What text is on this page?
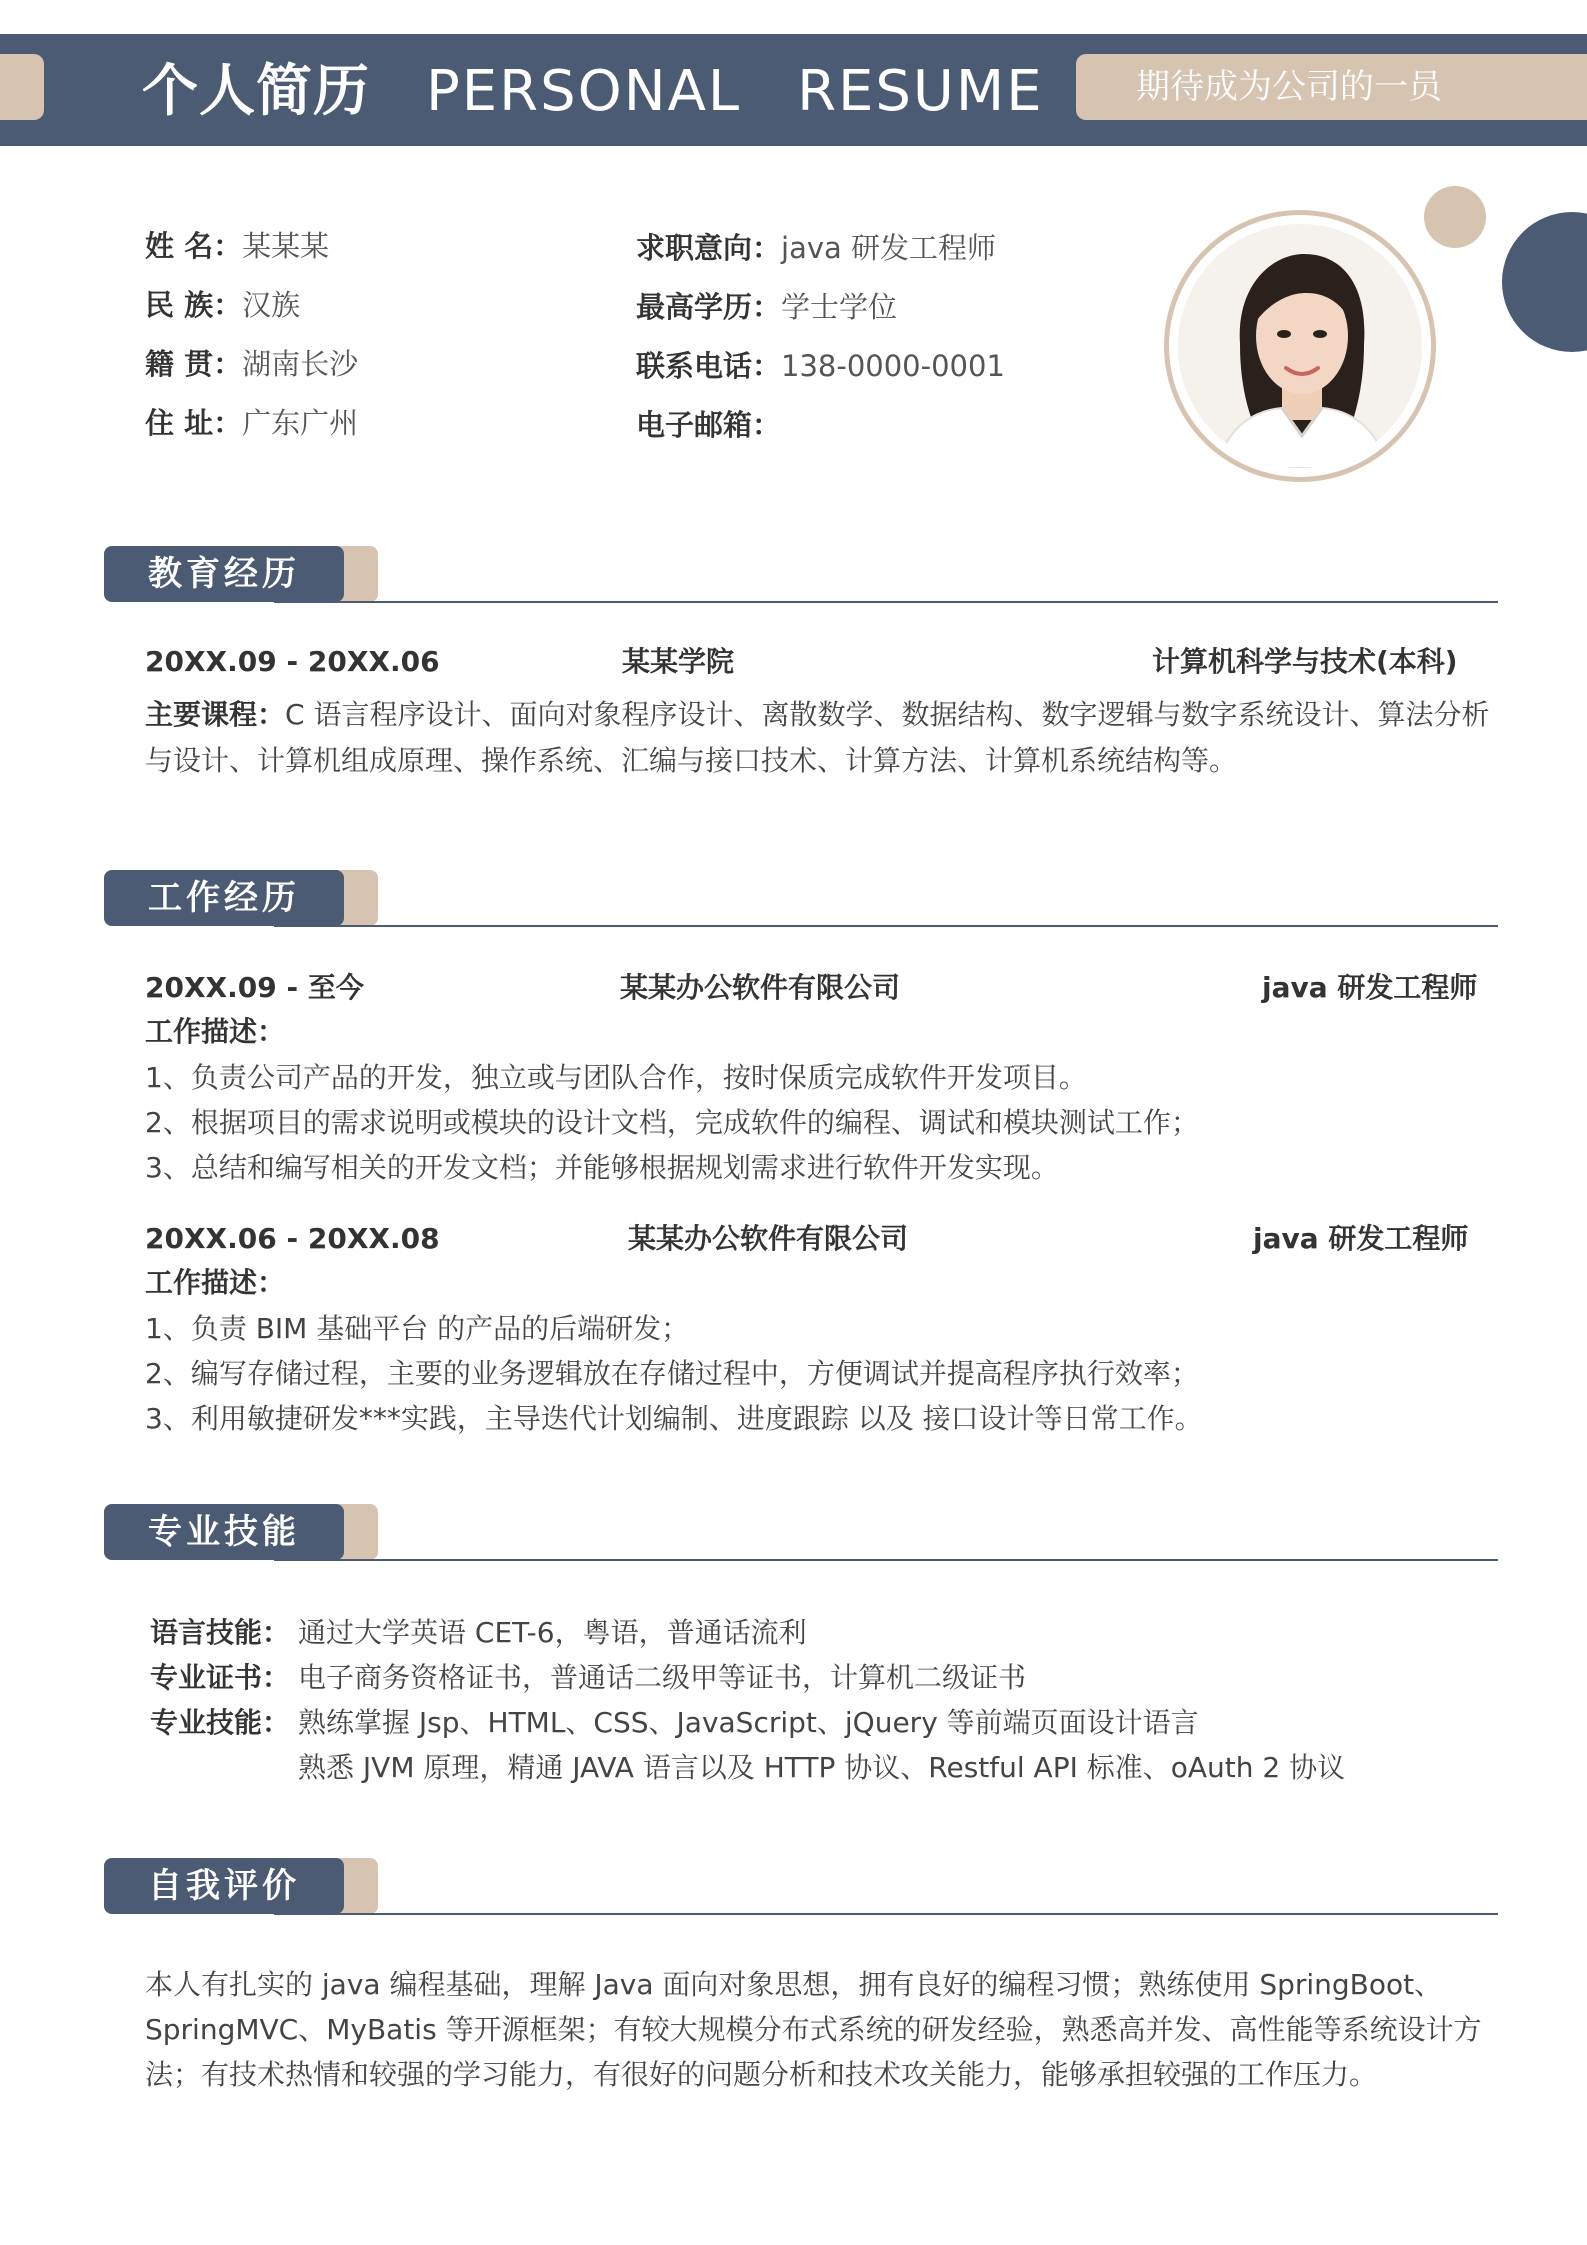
个人简历 PERSONAL RESUME	期待成为公司的一员
姓 名：某某某
民 族：汉族
籍 贯：湖南长沙
住 址：广东广州
求职意向：java 研发工程师
最高学历：学士学位
联系电话：138-0000-0001
电子邮箱：
教育经历
20XX.09 - 20XX.06	某某学院	计算机科学与技术(本科)
主要课程：C 语言程序设计、面向对象程序设计、离散数学、数据结构、数字逻辑与数字系统设计、算法分析与设计、计算机组成原理、操作系统、汇编与接口技术、计算方法、计算机系统结构等。
工作经历
20XX.09 - 至今	某某办公软件有限公司	java 研发工程师
工作描述：
1、负责公司产品的开发，独立或与团队合作，按时保质完成软件开发项目。
2、根据项目的需求说明或模块的设计文档，完成软件的编程、调试和模块测试工作；
3、总结和编写相关的开发文档；并能够根据规划需求进行软件开发实现。
20XX.06 - 20XX.08	某某办公软件有限公司	java 研发工程师
工作描述：
1、负责 BIM 基础平台 的产品的后端研发；
2、编写存储过程，主要的业务逻辑放在存储过程中，方便调试并提高程序执行效率；
3、利用敏捷研发***实践，主导迭代计划编制、进度跟踪 以及 接口设计等日常工作。
专业技能
语言技能： 通过大学英语 CET-6，粤语，普通话流利
专业证书： 电子商务资格证书，普通话二级甲等证书，计算机二级证书
专业技能： 熟练掌握 Jsp、HTML、CSS、JavaScript、jQuery 等前端页面设计语言
熟悉 JVM 原理，精通 JAVA 语言以及 HTTP 协议、Restful API 标准、oAuth 2 协议
自我评价
本人有扎实的 java 编程基础，理解 Java 面向对象思想，拥有良好的编程习惯；熟练使用 SpringBoot、SpringMVC、MyBatis 等开源框架；有较大规模分布式系统的研发经验，熟悉高并发、高性能等系统设计方法；有技术热情和较强的学习能力，有很好的问题分析和技术攻关能力，能够承担较强的工作压力。
